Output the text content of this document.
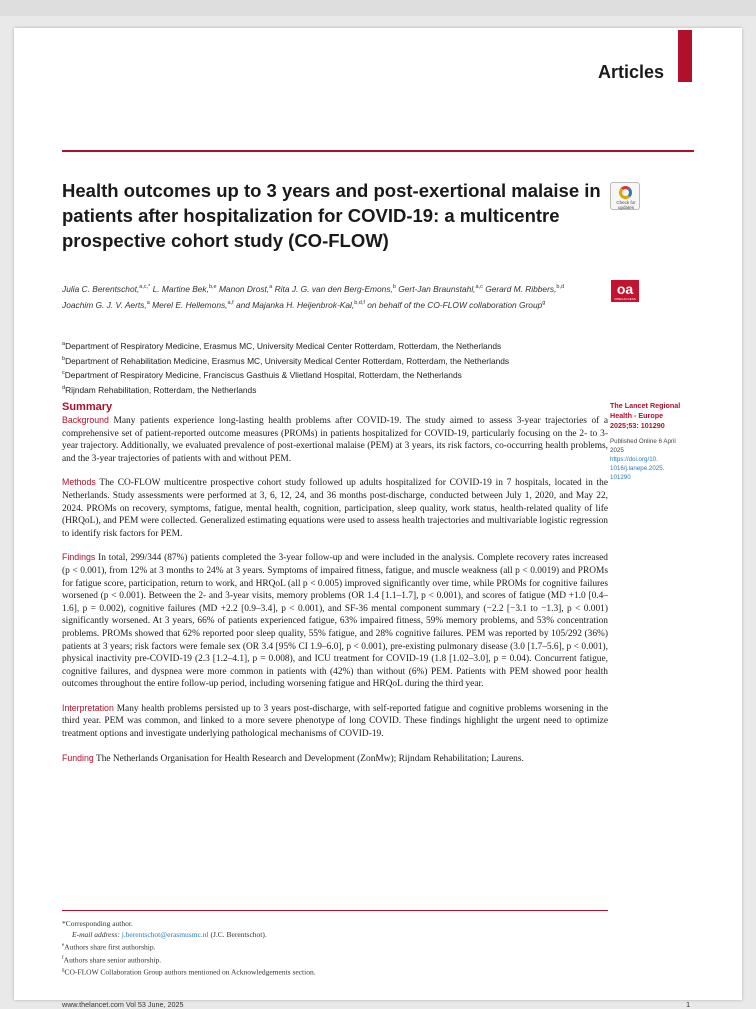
Articles
Health outcomes up to 3 years and post-exertional malaise in patients after hospitalization for COVID-19: a multicentre prospective cohort study (CO-FLOW)
Check for
updates
Julia C. Berentschot,$^{a,c,*}$ L. Martine Bek,$^{b,e}$ Manon Drost,$^a$ Rita J. G. van den Berg-Emons,$^b$ Gert-Jan Braunstahl,$^{a,c}$ Gerard M. Ribbers,$^{b,d}$
Joachim G. J. V. Aerts,$^a$ Merel E. Hellemons,$^{a,f}$ and Majanka H. Heijenbrok-Kal,$^{b,d,f}$ on behalf of the CO-FLOW collaboration Group$^g$
oa
OPEN ACCESS
$^a$Department of Respiratory Medicine, Erasmus MC, University Medical Center Rotterdam, Rotterdam, the Netherlands
$^b$Department of Rehabilitation Medicine, Erasmus MC, University Medical Center Rotterdam, Rotterdam, the Netherlands
$^c$Department of Respiratory Medicine, Franciscus Gasthuis & Vlietland Hospital, Rotterdam, the Netherlands
$^d$Rijndam Rehabilitation, Rotterdam, the Netherlands
Summary

Background Many patients experience long-lasting health problems after COVID-19. The study aimed to assess 3-year trajectories of a comprehensive set of patient-reported outcome measures (PROMs) in patients hospitalized for COVID-19, particularly focusing on the 2- to 3-year trajectory. Additionally, we evaluated prevalence of post-exertional malaise (PEM) at 3 years, its risk factors, co-occurring health problems, and the 3-year trajectories of patients with and without PEM.

Methods The CO-FLOW multicentre prospective cohort study followed up adults hospitalized for COVID-19 in 7 hospitals, located in the Netherlands. Study assessments were performed at 3, 6, 12, 24, and 36 months post-discharge, conducted between July 1, 2020, and May 22, 2024. PROMs on recovery, symptoms, fatigue, mental health, cognition, participation, sleep quality, work status, health-related quality of life (HRQoL), and PEM were collected. Generalized estimating equations were used to assess health trajectories and multivariable logistic regression to identify risk factors for PEM.

Findings In total, 299/344 (87%) patients completed the 3-year follow-up and were included in the analysis. Complete recovery rates increased (p < 0.001), from 12% at 3 months to 24% at 3 years. Symptoms of impaired fitness, fatigue, and muscle weakness (all p < 0.0019) and PROMs for fatigue score, participation, return to work, and HRQoL (all p < 0.005) improved significantly over time, while PROMs for cognitive failures worsened (p < 0.001). Between the 2- and 3-year visits, memory problems (OR 1.4 [1.1–1.7], p < 0.001), and scores of fatigue (MD +1.0 [0.4–1.6], p = 0.002), cognitive failures (MD +2.2 [0.9–3.4], p < 0.001), and SF-36 mental component summary (−2.2 [−3.1 to −1.3], p < 0.001) significantly worsened. At 3 years, 66% of patients experienced fatigue, 63% impaired fitness, 59% memory problems, and 53% concentration problems. PROMs showed that 62% reported poor sleep quality, 55% fatigue, and 28% cognitive failures. PEM was reported by 105/292 (36%) patients at 3 years; risk factors were female sex (OR 3.4 [95% CI 1.9–6.0], p < 0.001), pre-existing pulmonary disease (3.0 [1.7–5.6], p < 0.001), physical inactivity pre-COVID-19 (2.3 [1.2–4.1], p = 0.008), and ICU treatment for COVID-19 (1.8 [1.02–3.0], p = 0.04). Concurrent fatigue, cognitive failures, and dyspnea were more common in patients with (42%) than without (6%) PEM. Patients with PEM showed poor health outcomes throughout the entire follow-up period, including worsening fatigue and HRQoL during the third year.

Interpretation Many health problems persisted up to 3 years post-discharge, with self-reported fatigue and cognitive problems worsening in the third year. PEM was common, and linked to a more severe phenotype of long COVID. These findings highlight the urgent need to optimize treatment options and investigate underlying pathological mechanisms of COVID-19.

Funding The Netherlands Organisation for Health Research and Development (ZonMw); Rijndam Rehabilitation; Laurens.

The Lancet Regional
Health - Europe
2025;53: 101290
Published Online 6 April
2025
https://doi.org/10.
1016/j.lanepe.2025.
101290
*Corresponding author.
E-mail address: j.berentschot@erasmusmc.nl (J.C. Berentschot).
$^e$Authors share first authorship.
$^f$Authors share senior authorship.
$^g$CO-FLOW Collaboration Group authors mentioned on Acknowledgements section.
www.thelancet.com Vol 53 June, 2025	1
